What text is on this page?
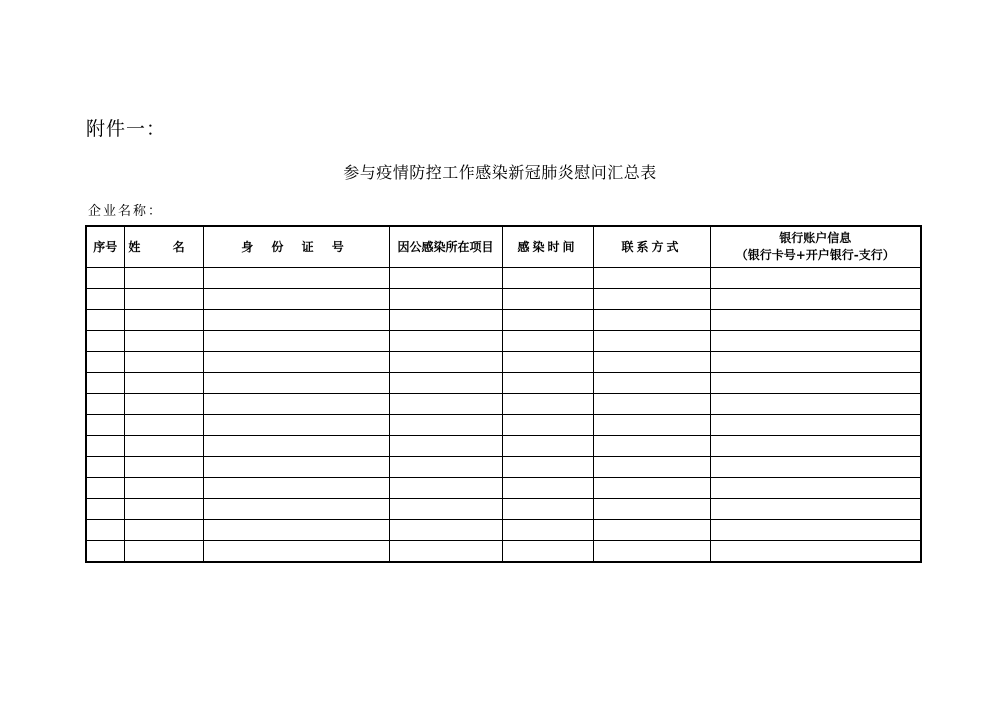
附件一：
参与疫情防控工作感染新冠肺炎慰问汇总表
企业名称：
序号	姓 名	身 份 证 号	因公感染所在项目	感染时间	联系方式	银行账户信息
（银行卡号+开户银行-支行）
